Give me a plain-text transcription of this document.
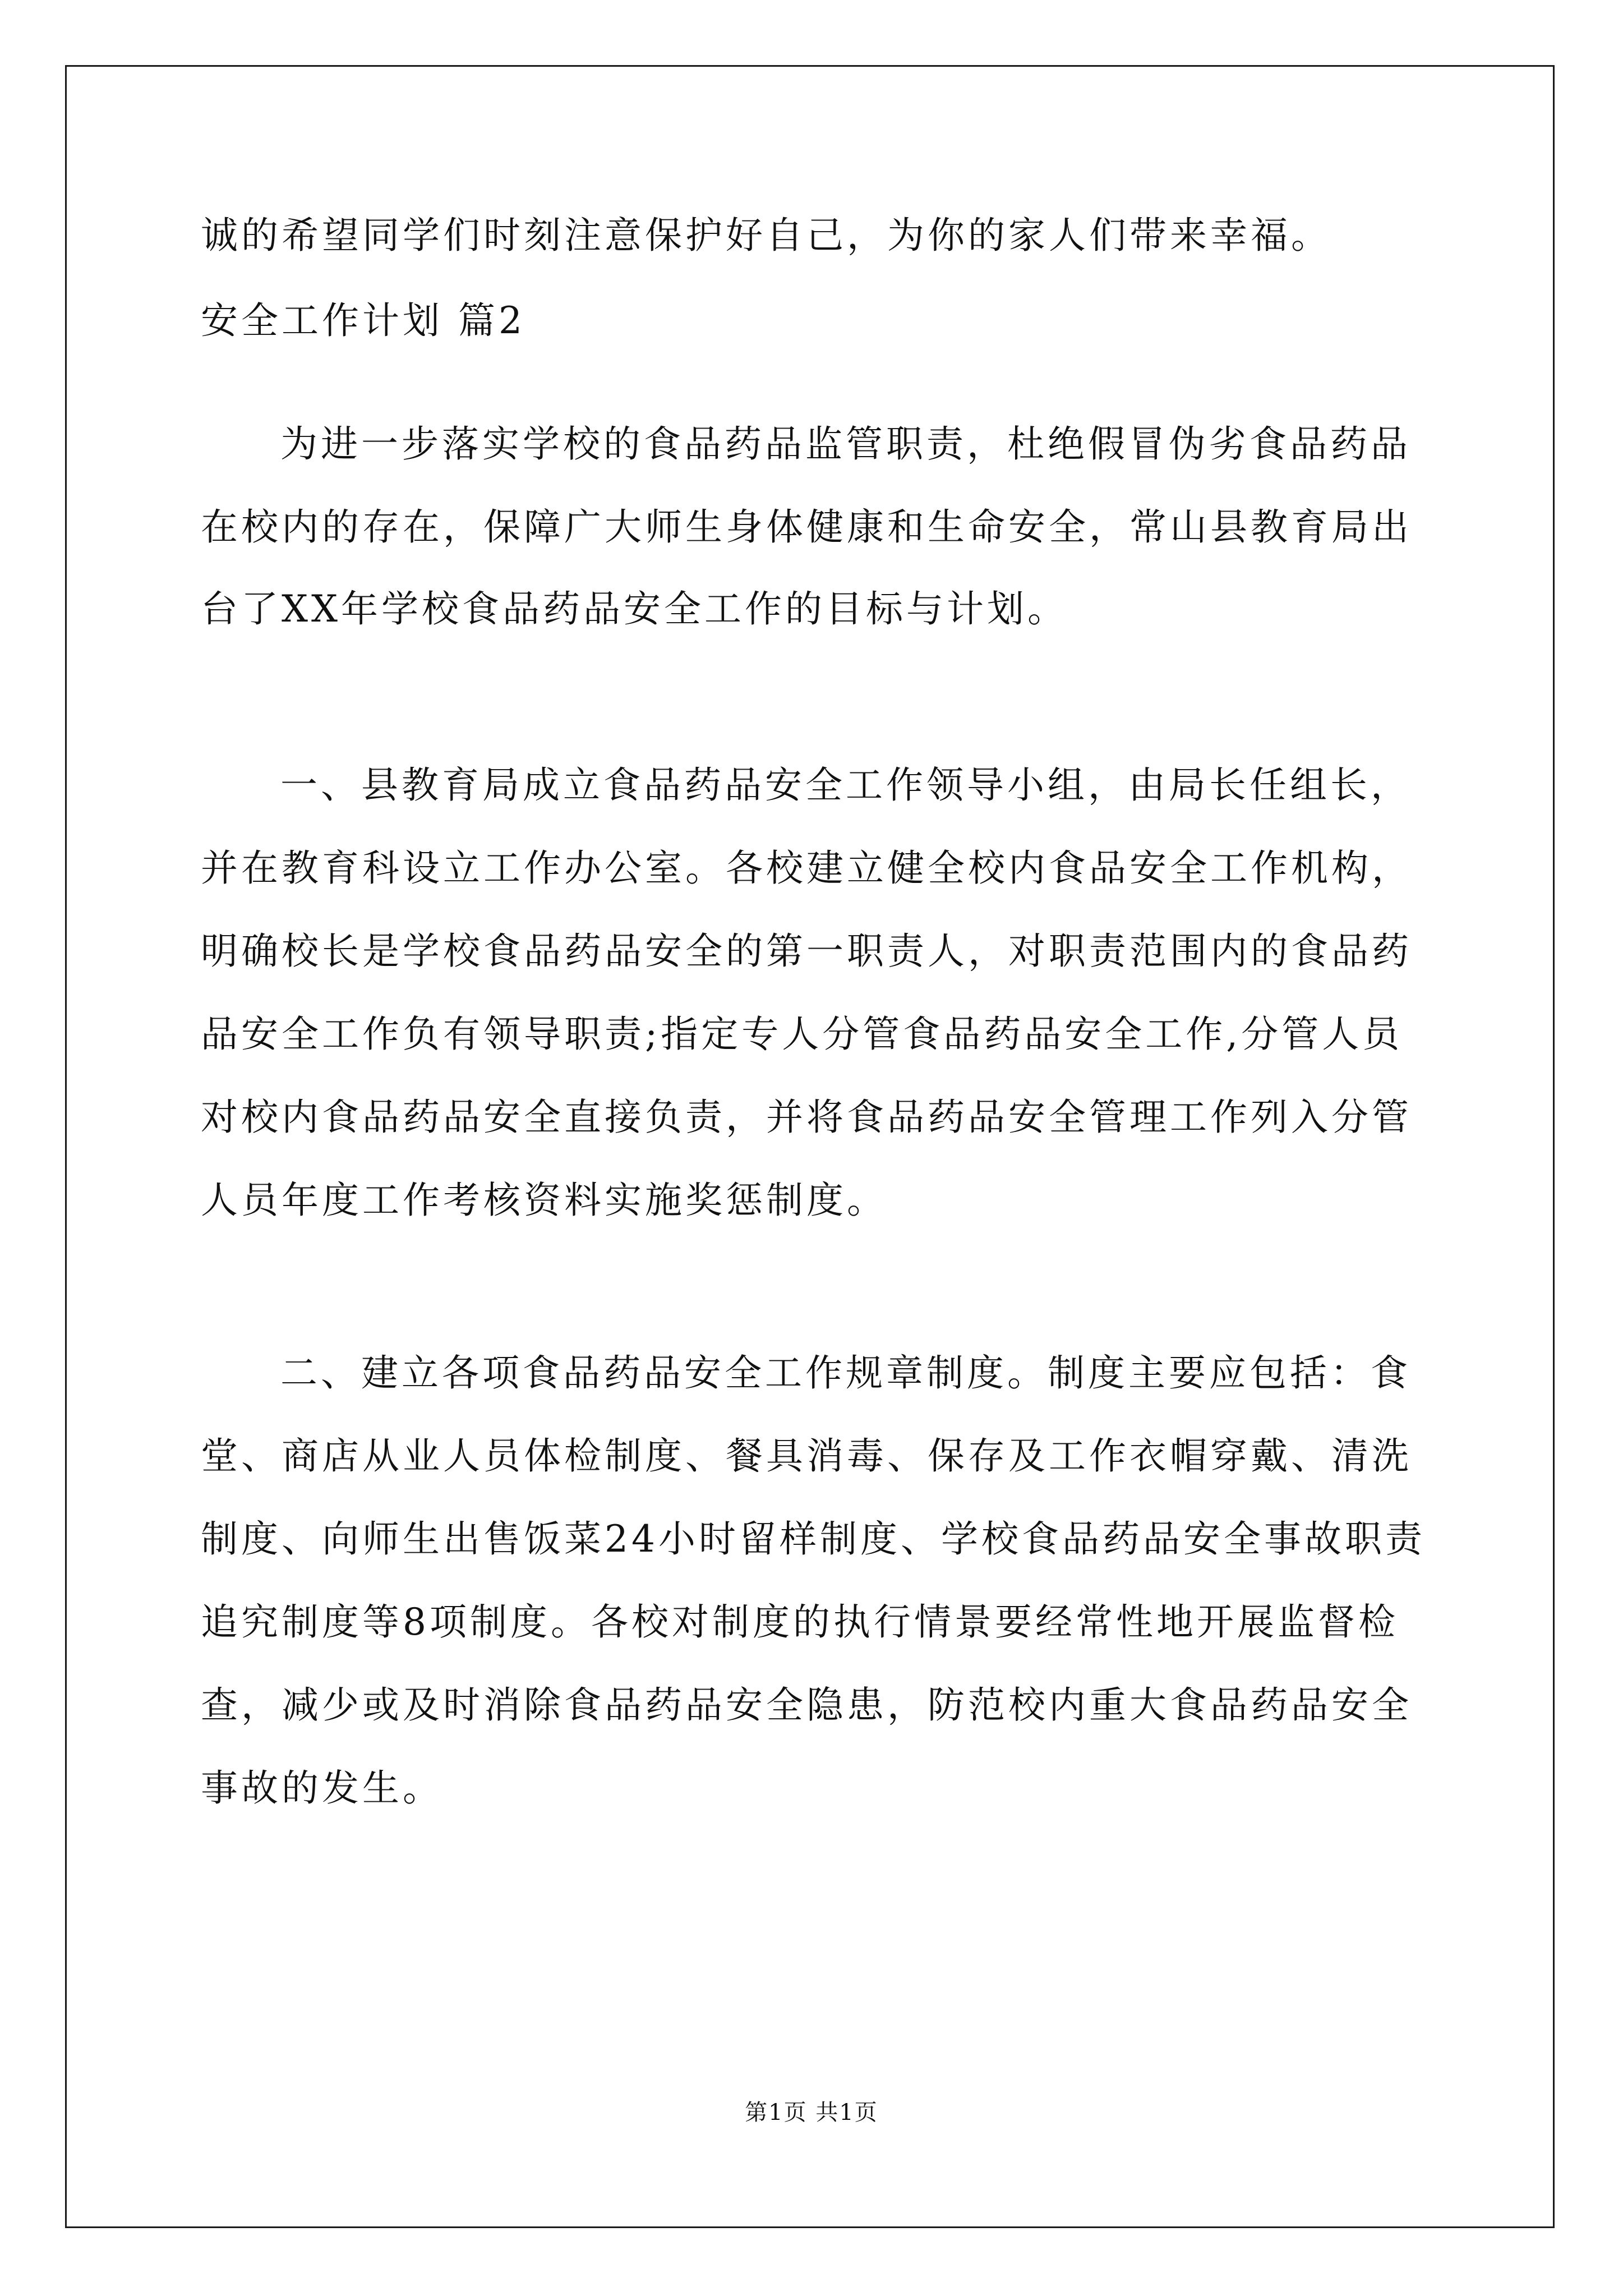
诚的希望同学们时刻注意保护好自己，为你的家人们带来幸福。
安全工作计划 篇2
为进一步落实学校的食品药品监管职责，杜绝假冒伪劣食品药品
在校内的存在，保障广大师生身体健康和生命安全，常山县教育局出
台了XX年学校食品药品安全工作的目标与计划。
一、县教育局成立食品药品安全工作领导小组，由局长任组长，
并在教育科设立工作办公室。各校建立健全校内食品安全工作机构，
明确校长是学校食品药品安全的第一职责人，对职责范围内的食品药
品安全工作负有领导职责;指定专人分管食品药品安全工作,分管人员
对校内食品药品安全直接负责，并将食品药品安全管理工作列入分管
人员年度工作考核资料实施奖惩制度。
二、建立各项食品药品安全工作规章制度。制度主要应包括：食
堂、商店从业人员体检制度、餐具消毒、保存及工作衣帽穿戴、清洗
制度、向师生出售饭菜24小时留样制度、学校食品药品安全事故职责
追究制度等8项制度。各校对制度的执行情景要经常性地开展监督检
查，减少或及时消除食品药品安全隐患，防范校内重大食品药品安全
事故的发生。
第1页 共1页
